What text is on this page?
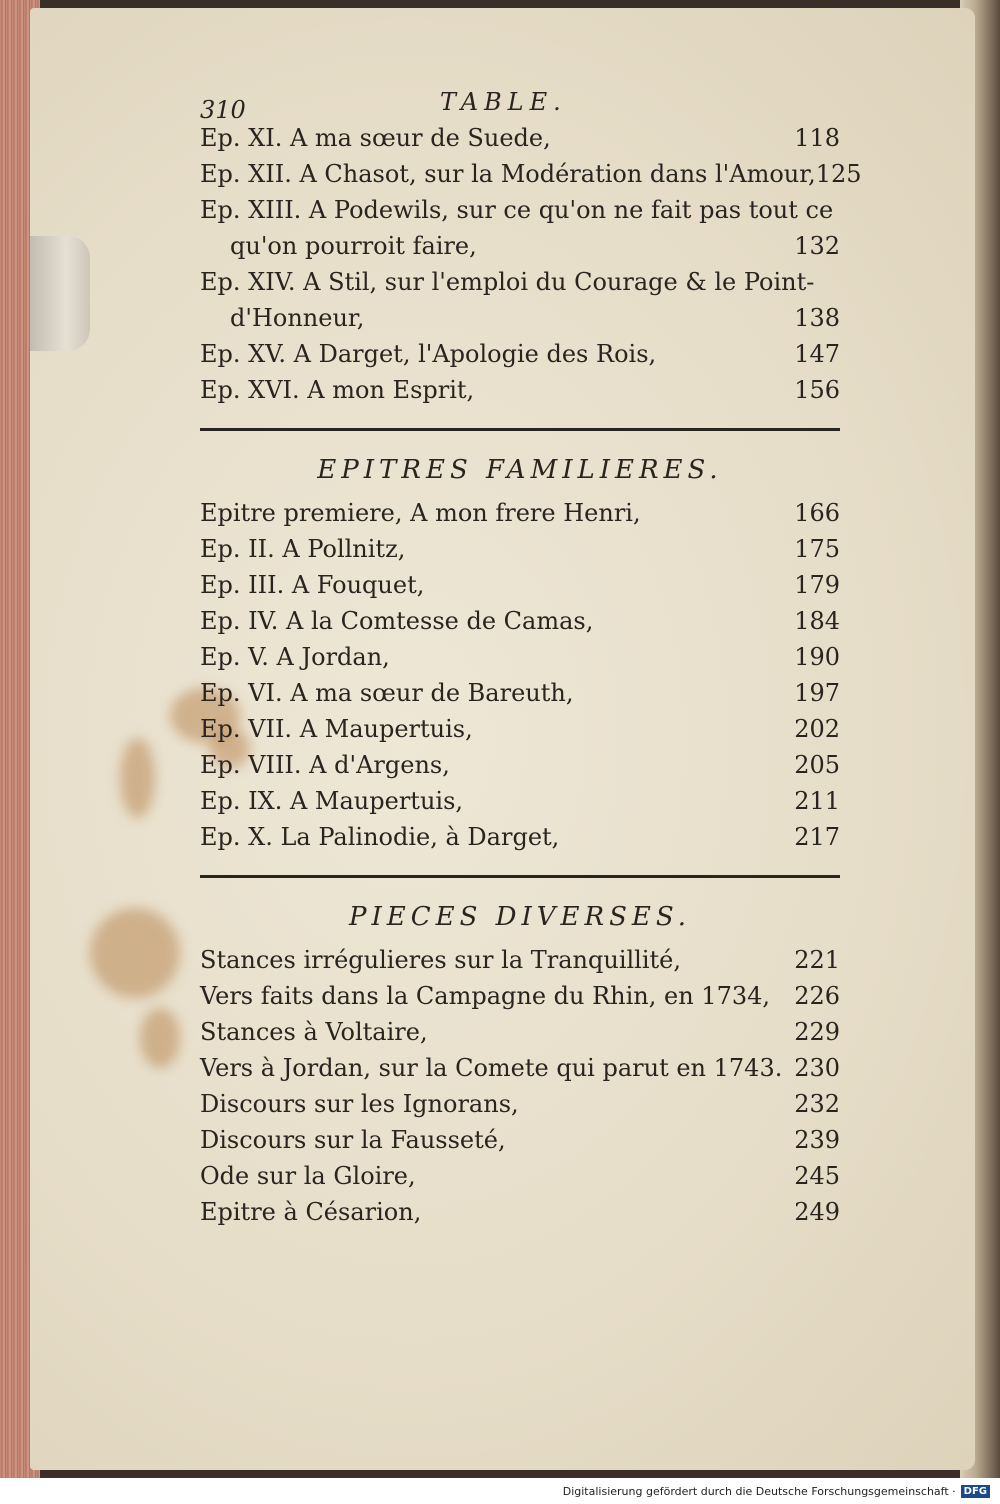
310	TABLE.
Ep. XI. A ma sœur de Suede,	118
Ep. XII. A Chasot, sur la Modération dans l'Amour, 125
Ep. XIII. A Podewils, sur ce qu'on ne fait pas tout ce
qu'on pourroit faire,	132
Ep. XIV. A Stil, sur l'emploi du Courage & le Point-
d'Honneur,	138
Ep. XV. A Darget, l'Apologie des Rois,	147
Ep. XVI. A mon Esprit,	156
EPITRES FAMILIERES.
Epitre premiere, A mon frere Henri,	166
Ep. II. A Pollnitz,	175
Ep. III. A Fouquet,	179
Ep. IV. A la Comtesse de Camas,	184
Ep. V. A Jordan,	190
Ep. VI. A ma sœur de Bareuth,	197
Ep. VII. A Maupertuis,	202
Ep. VIII. A d'Argens,	205
Ep. IX. A Maupertuis,	211
Ep. X. La Palinodie, à Darget,	217
PIECES DIVERSES.
Stances irrégulieres sur la Tranquillité,	221
Vers faits dans la Campagne du Rhin, en 1734, 226
Stances à Voltaire,	229
Vers à Jordan, sur la Comete qui parut en 1743. 230
Discours sur les Ignorans,	232
Discours sur la Fausseté,	239
Ode sur la Gloire,	245
Epitre à Césarion,	249
Digitalisierung gefördert durch die Deutsche Forschungsgemeinschaft · DFG
